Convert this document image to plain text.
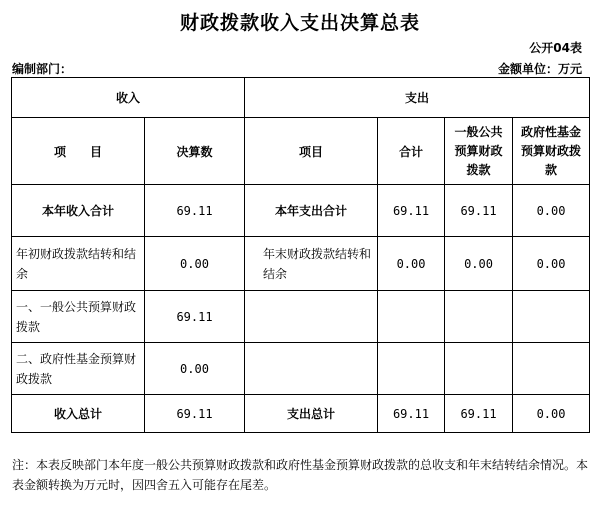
财政拨款收入支出决算总表
公开04表
编制部门：	金额单位：万元
收入		支出			
项　　目	决算数	项目	合计	一般公共预算财政拨款	政府性基金预算财政拨款
本年收入合计	69.11	本年支出合计	69.11	69.11	0.00
年初财政拨款结转和结余	0.00	年末财政拨款结转和结余	0.00	0.00	0.00
一、一般公共预算财政拨款	69.11				
二、政府性基金预算财政拨款	0.00				
收入总计	69.11	支出总计	69.11	69.11	0.00
注：本表反映部门本年度一般公共预算财政拨款和政府性基金预算财政拨款的总收支和年末结转结余情况。本表金额转换为万元时，因四舍五入可能存在尾差。
